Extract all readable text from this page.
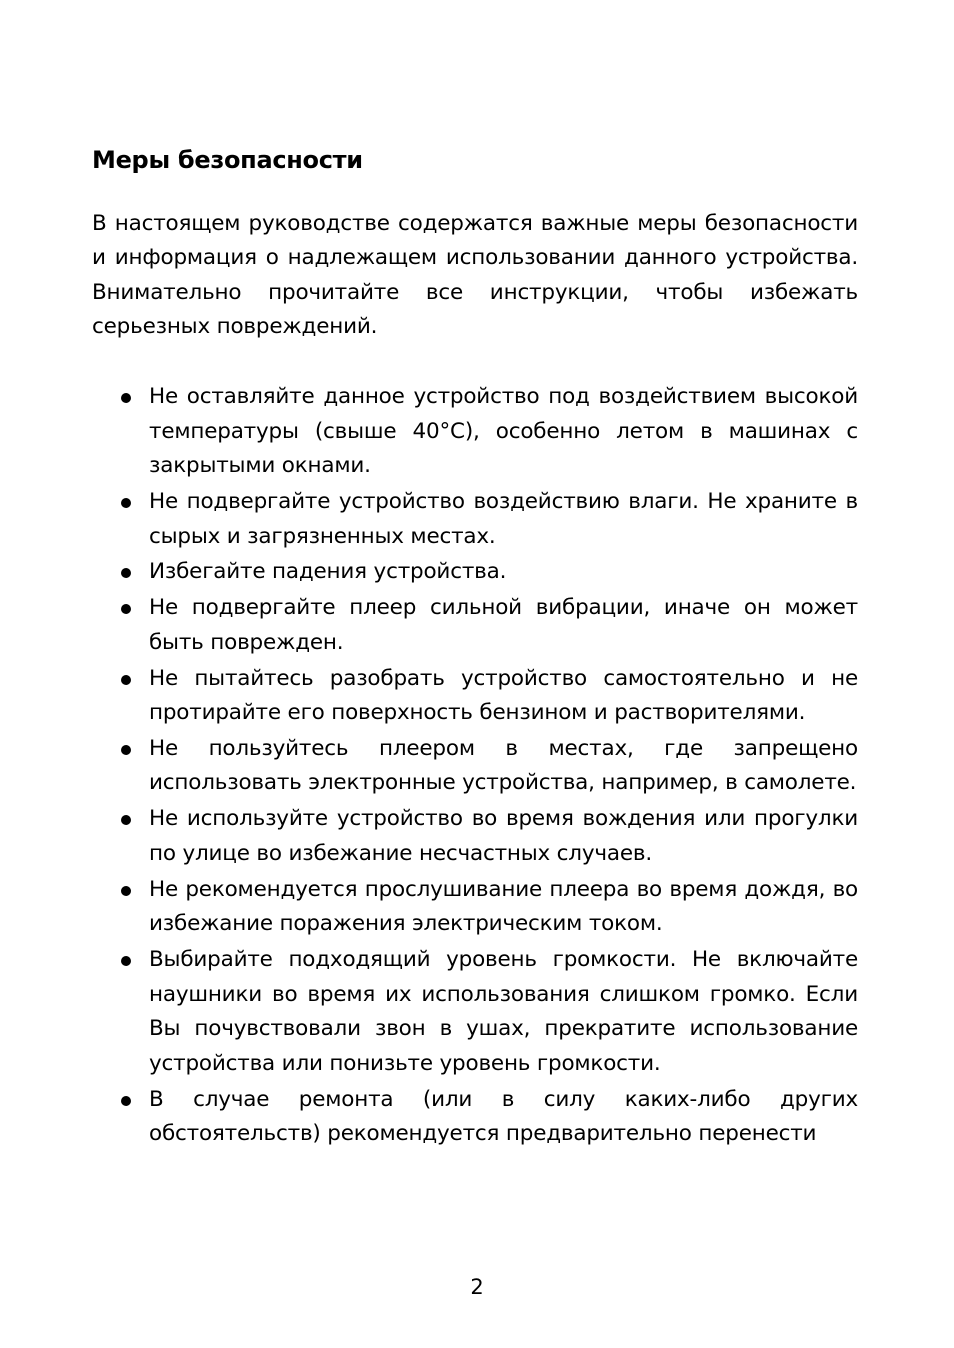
Меры безопасности

В настоящем руководстве содержатся важные меры безопасности и информация о надлежащем использовании данного устройства. Внимательно прочитайте все инструкции, чтобы избежать серьезных повреждений.

Не оставляйте данное устройство под воздействием высокой температуры (свыше 40°C), особенно летом в машинах с закрытыми окнами.
Не подвергайте устройство воздействию влаги. Не храните в сырых и загрязненных местах.
Избегайте падения устройства.
Не подвергайте плеер сильной вибрации, иначе он может быть поврежден.
Не пытайтесь разобрать устройство самостоятельно и не протирайте его поверхность бензином и растворителями.
Не пользуйтесь плеером в местах, где запрещено использовать электронные устройства, например, в самолете.
Не используйте устройство во время вождения или прогулки по улице во избежание несчастных случаев.
Не рекомендуется прослушивание плеера во время дождя, во избежание поражения электрическим током.
Выбирайте подходящий уровень громкости. Не включайте наушники во время их использования слишком громко. Если Вы почувствовали звон в ушах, прекратите использование устройства или понизьте уровень громкости.
В случае ремонта (или в силу каких-либо других обстоятельств) рекомендуется предварительно перенести
2
